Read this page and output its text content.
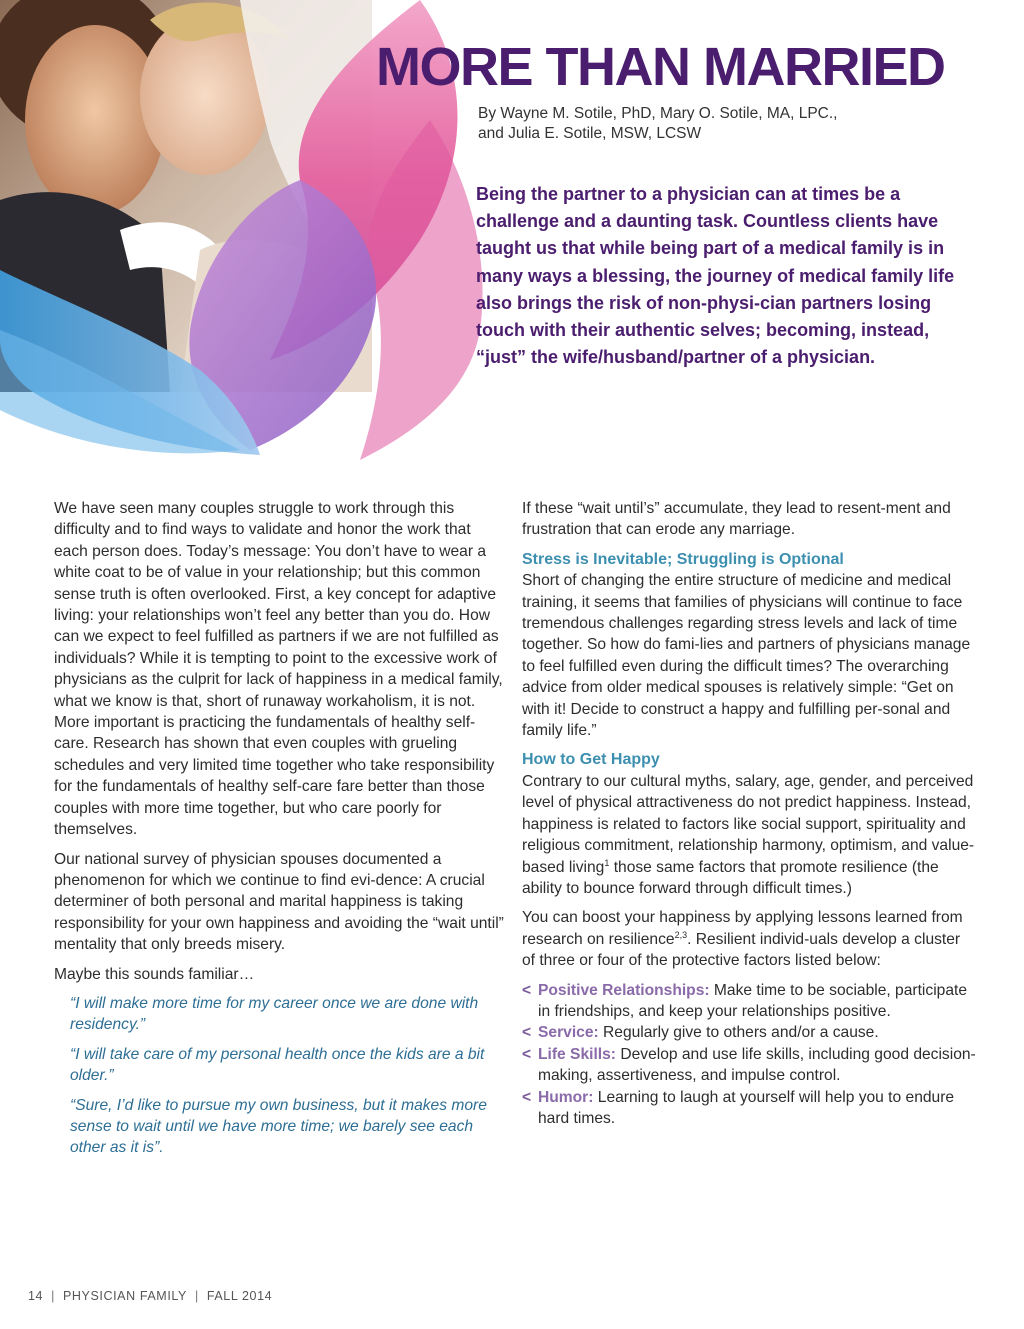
MORE THAN MARRIED

By Wayne M. Sotile, PhD, Mary O. Sotile, MA, LPC.,
and Julia E. Sotile, MSW, LCSW

Being the partner to a physician can at times be a challenge and a daunting task. Countless clients have taught us that while being part of a medical family is in many ways a blessing, the journey of medical family life also brings the risk of non-physi-cian partners losing touch with their authentic selves; becoming, instead, “just” the wife/husband/partner of a physician.

We have seen many couples struggle to work through this difficulty and to find ways to validate and honor the work that each person does. Today’s message: You don’t have to wear a white coat to be of value in your relationship; but this common sense truth is often overlooked. First, a key concept for adaptive living: your relationships won’t feel any better than you do. How can we expect to feel fulfilled as partners if we are not fulfilled as individuals? While it is tempting to point to the excessive work of physicians as the culprit for lack of happiness in a medical family, what we know is that, short of runaway workaholism, it is not. More important is practicing the fundamentals of healthy self-care. Research has shown that even couples with grueling schedules and very limited time together who take responsibility for the fundamentals of healthy self-care fare better than those couples with more time together, but who care poorly for themselves.

Our national survey of physician spouses documented a phenomenon for which we continue to find evi-dence: A crucial determiner of both personal and marital happiness is taking responsibility for your own happiness and avoiding the “wait until” mentality that only breeds misery.

Maybe this sounds familiar…

“I will make more time for my career once we are done with residency.”

“I will take care of my personal health once the kids are a bit older.”

“Sure, I’d like to pursue my own business, but it makes more sense to wait until we have more time; we barely see each other as it is”.

If these “wait until’s” accumulate, they lead to resent-ment and frustration that can erode any marriage.

Stress is Inevitable; Struggling is Optional

Short of changing the entire structure of medicine and medical training, it seems that families of physicians will continue to face tremendous challenges regarding stress levels and lack of time together. So how do fami-lies and partners of physicians manage to feel fulfilled even during the difficult times? The overarching advice from older medical spouses is relatively simple: “Get on with it! Decide to construct a happy and fulfilling per-sonal and family life.”

How to Get Happy

Contrary to our cultural myths, salary, age, gender, and perceived level of physical attractiveness do not predict happiness. Instead, happiness is related to factors like social support, spirituality and religious commitment, relationship harmony, optimism, and value-based living$^1$ those same factors that promote resilience (the ability to bounce forward through difficult times.)

You can boost your happiness by applying lessons learned from research on resilience$^{2,3}$. Resilient individ-uals develop a cluster of three or four of the protective factors listed below:

< Positive Relationships: Make time to be sociable, participate in friendships, and keep your relationships positive.
< Service: Regularly give to others and/or a cause.
< Life Skills: Develop and use life skills, including good decision-making, assertiveness, and impulse control.
< Humor: Learning to laugh at yourself will help you to endure hard times.
14 | PHYSICIAN FAMILY | FALL 2014
